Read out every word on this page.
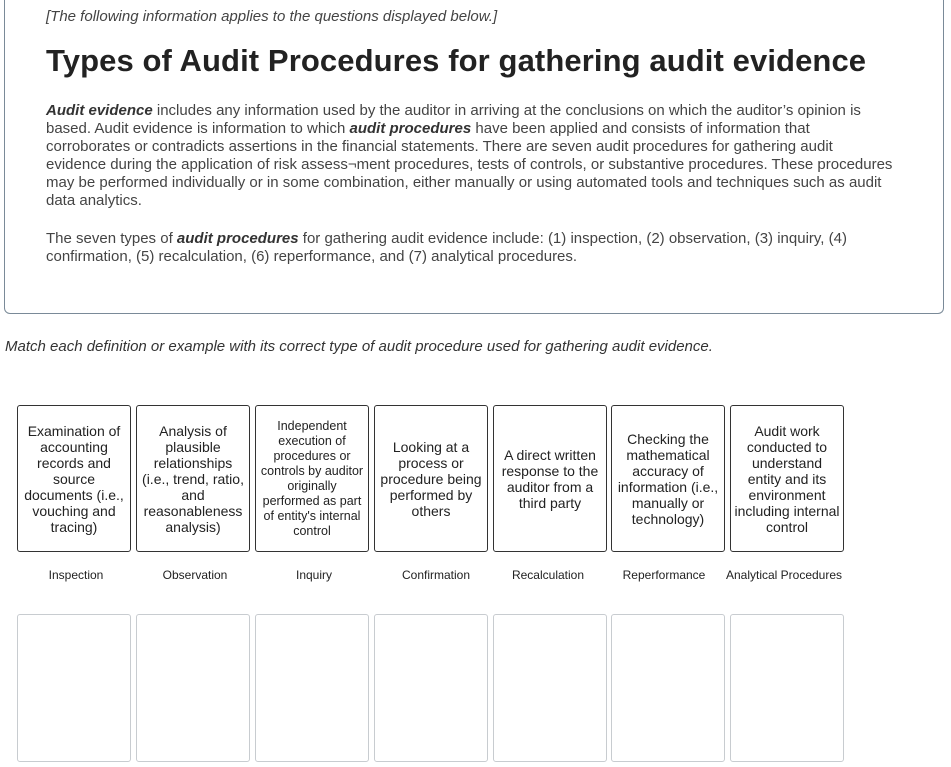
[The following information applies to the questions displayed below.]
Types of Audit Procedures for gathering audit evidence

Audit evidence includes any information used by the auditor in arriving at the conclusions on which the auditor’s opinion is based. Audit evidence is information to which audit procedures have been applied and consists of information that corroborates or contradicts assertions in the financial statements. There are seven audit procedures for gathering audit evidence during the application of risk assess¬ment procedures, tests of controls, or substantive procedures. These procedures may be performed individually or in some combination, either manually or using automated tools and techniques such as audit data analytics.

The seven types of audit procedures for gathering audit evidence include: (1) inspection, (2) observation, (3) inquiry, (4) confirmation, (5) recalculation, (6) reperformance, and (7) analytical procedures.

Match each definition or example with its correct type of audit procedure used for gathering audit evidence.
Examination of accounting records and source documents (i.e., vouching and tracing)
Analysis of plausible relationships (i.e., trend, ratio, and reasonableness analysis)
Independent execution of procedures or controls by auditor originally performed as part of entity's internal control
Looking at a process or procedure being performed by others
A direct written response to the auditor from a third party
Checking the mathematical accuracy of information (i.e., manually or technology)
Audit work conducted to understand entity and its environment including internal control
Inspection	Observation	Inquiry	Confirmation	Recalculation	Reperformance	Analytical Procedures
